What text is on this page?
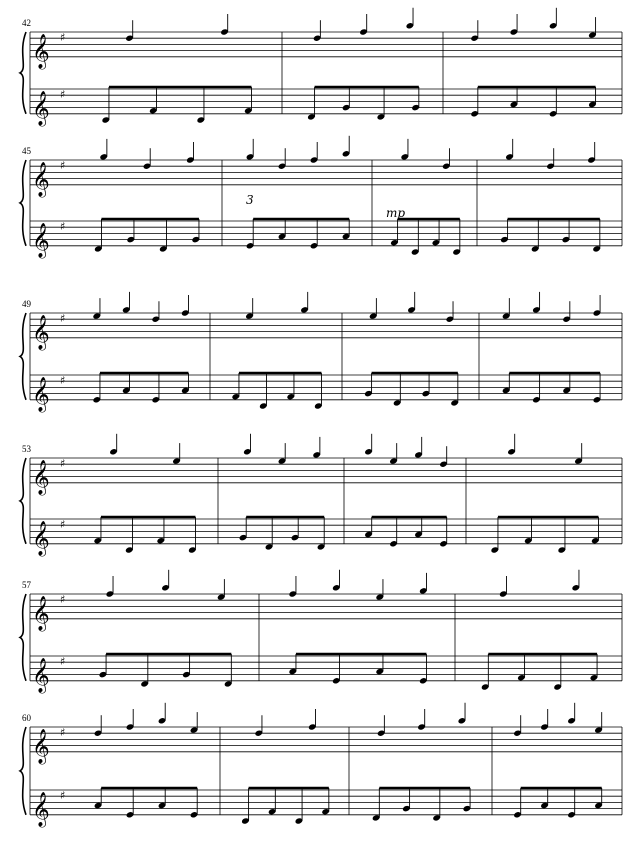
42
𝄞 ♯
𝄞 ♯
45
𝄞 ♯
𝄞 ♯
49
𝄞 ♯
𝄞 ♯
53
𝄞 ♯
𝄞 ♯
57
𝄞 ♯
𝄞 ♯
60
𝄞 ♯
𝄞 ♯
mp
3
